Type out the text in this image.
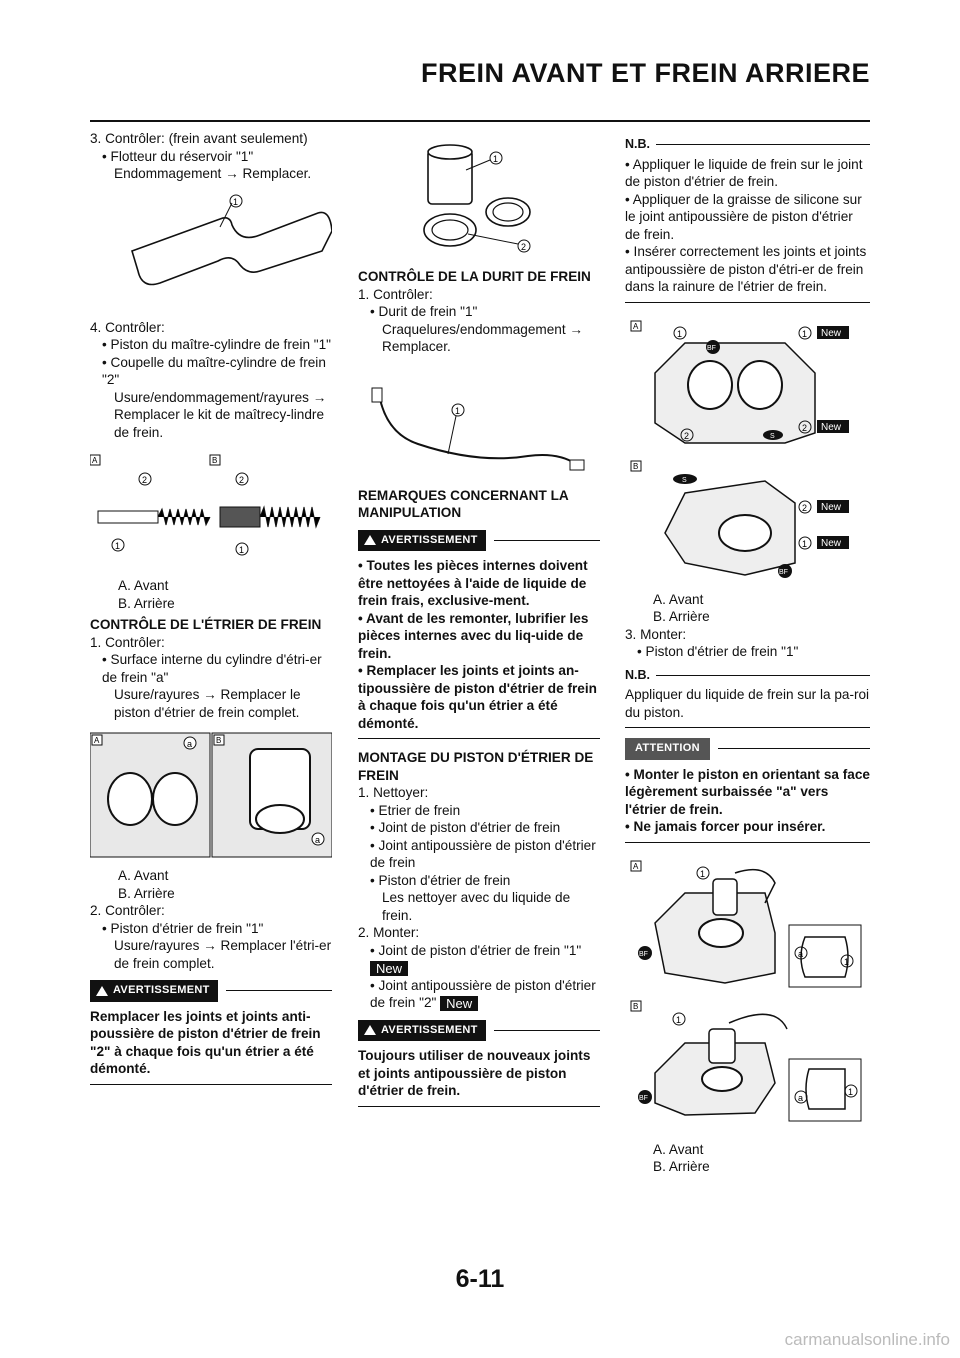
FREIN AVANT ET FREIN ARRIERE

3. Contrôler: (frein avant seulement)

• Flotteur du réservoir "1"

Endommagement → Remplacer.

1

4. Contrôler:

• Piston du maître-cylindre de frein "1"

• Coupelle du maître-cylindre de frein "2"

Usure/endommagement/rayures → Remplacer le kit de maîtrecy-lindre de frein.

A	B
1
2
1
2

A. Avant

B. Arrière

CONTRÔLE DE L'ÉTRIER DE FREIN

1. Contrôler:

• Surface interne du cylindre d'étri-er de frein "a"

Usure/rayures → Remplacer le piston d'étrier de frein complet.

A	B
a
a

A. Avant

B. Arrière

2. Contrôler:

• Piston d'étrier de frein "1"

Usure/rayures → Remplacer l'étri-er de frein complet.

AVERTISSEMENT

Remplacer les joints et joints anti-poussière de piston d'étrier de frein "2" à chaque fois qu'un étrier a été démonté.

1
2

CONTRÔLE DE LA DURIT DE FREIN

1. Contrôler:

• Durit de frein "1"

Craquelures/endommagement → Remplacer.

1

REMARQUES CONCERNANT LA MANIPULATION

AVERTISSEMENT

• Toutes les pièces internes doivent être nettoyées à l'aide de liquide de frein frais, exclusive-ment.

• Avant de les remonter, lubrifier les pièces internes avec du liq-uide de frein.

• Remplacer les joints et joints an-tipoussière de piston d'étrier de frein à chaque fois qu'un étrier a été démonté.

MONTAGE DU PISTON D'ÉTRIER DE FREIN

1. Nettoyer:

• Etrier de frein

• Joint de piston d'étrier de frein

• Joint antipoussière de piston d'étrier de frein

• Piston d'étrier de frein

Les nettoyer avec du liquide de frein.

2. Monter:

• Joint de piston d'étrier de frein "1"

New

• Joint antipoussière de piston d'étrier de frein "2" New

AVERTISSEMENT

Toujours utiliser de nouveaux joints et joints antipoussière de piston d'étrier de frein.

N.B.

• Appliquer le liquide de frein sur le joint de piston d'étrier de frein.

• Appliquer de la graisse de silicone sur le joint antipoussière de piston d'étrier de frein.

• Insérer correctement les joints et joints antipoussière de piston d'étri-er de frein dans la rainure de l'étrier de frein.

A
1	1 New
2
2 New
BF
S
B
S
2 New
1 New
BF

A. Avant

B. Arrière

3. Monter:

• Piston d'étrier de frein "1"

N.B.

Appliquer du liquide de frein sur la pa-roi du piston.

ATTENTION

• Monter le piston en orientant sa face légèrement surbaissée "a" vers l'étrier de frein.

• Ne jamais forcer pour insérer.

A
1
a
1
BF
B
1
a
1
BF

A. Avant

B. Arrière

6-11
carmanualsonline.info
